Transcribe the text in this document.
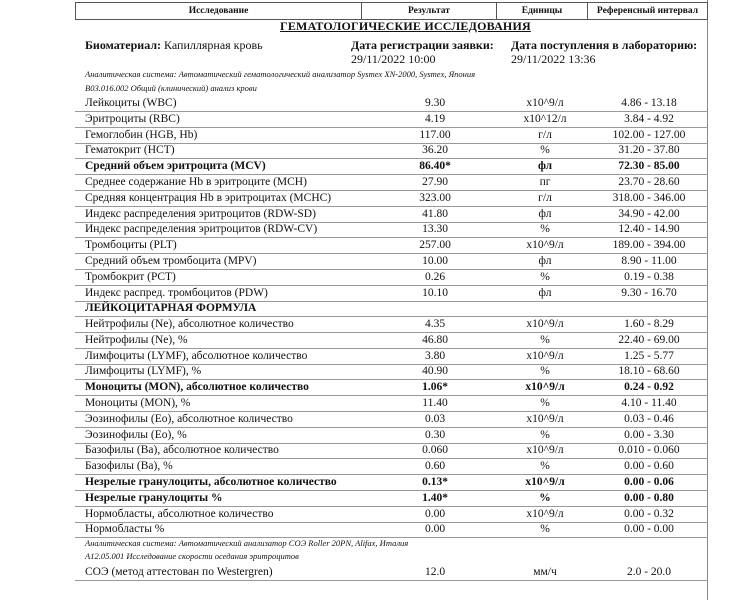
Исследование	Результат	Единицы	Референсный интервал
ГЕМАТОЛОГИЧЕСКИЕ ИССЛЕДОВАНИЯ
Биоматериал: Капиллярная кровь	Дата регистрации заявки:
29/11/2022 10:00
Дата поступления в лабораторию:
29/11/2022 13:36
Аналитическая система: Автоматический гематологический анализатор Sysmex XN-2000, Sysmex, Япония
B03.016.002 Общий (клинический) анализ крови
Лейкоциты (WBC)	9.30	x10^9/л	4.86 - 13.18
Эритроциты (RBC)	4.19	x10^12/л	3.84 - 4.92
Гемоглобин (HGB, Hb)	117.00	г/л	102.00 - 127.00
Гематокрит (HCT)	36.20	%	31.20 - 37.80
Средний объем эритроцита (MCV)	86.40*	фл	72.30 - 85.00
Среднее содержание Hb в эритроците (MCH)	27.90	пг	23.70 - 28.60
Средняя концентрация Hb в эритроцитах (MCHC)	323.00	г/л	318.00 - 346.00
Индекс распределения эритроцитов (RDW-SD)	41.80	фл	34.90 - 42.00
Индекс распределения эритроцитов (RDW-CV)	13.30	%	12.40 - 14.90
Тромбоциты (PLT)	257.00	x10^9/л	189.00 - 394.00
Средний объем тромбоцита (MPV)	10.00	фл	8.90 - 11.00
Тромбокрит (PCT)	0.26	%	0.19 - 0.38
Индекс распред. тромбоцитов (PDW)	10.10	фл	9.30 - 16.70
ЛЕЙКОЦИТАРНАЯ ФОРМУЛА
Нейтрофилы (Ne), абсолютное количество	4.35	x10^9/л	1.60 - 8.29
Нейтрофилы (Ne), %	46.80	%	22.40 - 69.00
Лимфоциты (LYMF), абсолютное количество	3.80	x10^9/л	1.25 - 5.77
Лимфоциты (LYMF), %	40.90	%	18.10 - 68.60
Моноциты (MON), абсолютное количество	1.06*	x10^9/л	0.24 - 0.92
Моноциты (MON), %	11.40	%	4.10 - 11.40
Эозинофилы (Eo), абсолютное количество	0.03	x10^9/л	0.03 - 0.46
Эозинофилы (Eo), %	0.30	%	0.00 - 3.30
Базофилы (Ba), абсолютное количество	0.060	x10^9/л	0.010 - 0.060
Базофилы (Ba), %	0.60	%	0.00 - 0.60
Незрелые гранулоциты, абсолютное количество	0.13*	x10^9/л	0.00 - 0.06
Незрелые гранулоциты %	1.40*	%	0.00 - 0.80
Нормобласты, абсолютное количество	0.00	x10^9/л	0.00 - 0.32
Нормобласты %	0.00	%	0.00 - 0.00
Аналитическая система: Автоматический анализатор СОЭ Roller 20PN, Alifax, Италия
A12.05.001 Исследование скорости оседания эритроцитов
СОЭ (метод аттестован по Westergren)	12.0	мм/ч	2.0 - 20.0
